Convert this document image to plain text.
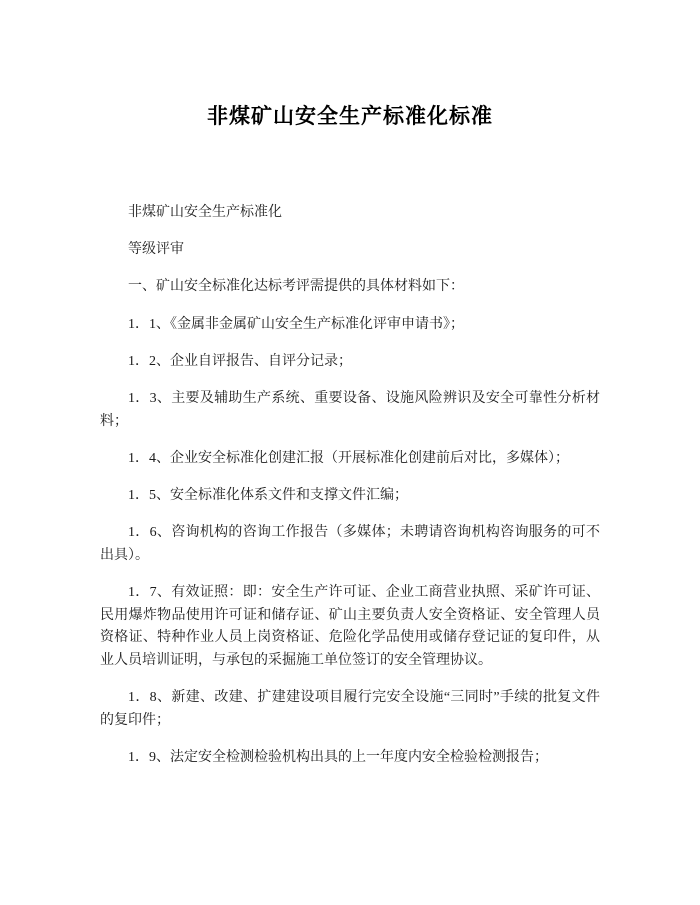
非煤矿山安全生产标准化标准

非煤矿山安全生产标准化

等级评审

一、矿山安全标准化达标考评需提供的具体材料如下：

1．1、《金属非金属矿山安全生产标准化评审申请书》；

1．2、企业自评报告、自评分记录；

1．3、主要及辅助生产系统、重要设备、设施风险辨识及安全可靠性分析材料；

1．4、企业安全标准化创建汇报（开展标准化创建前后对比，多媒体）；

1．5、安全标准化体系文件和支撑文件汇编；

1．6、咨询机构的咨询工作报告（多媒体；未聘请咨询机构咨询服务的可不出具）。

1．7、有效证照：即：安全生产许可证、企业工商营业执照、采矿许可证、民用爆炸物品使用许可证和储存证、矿山主要负责人安全资格证、安全管理人员资格证、特种作业人员上岗资格证、危险化学品使用或储存登记证的复印件，从业人员培训证明，与承包的采掘施工单位签订的安全管理协议。

1．8、新建、改建、扩建建设项目履行完安全设施“三同时”手续的批复文件的复印件；

1．9、法定安全检测检验机构出具的上一年度内安全检验检测报告；
